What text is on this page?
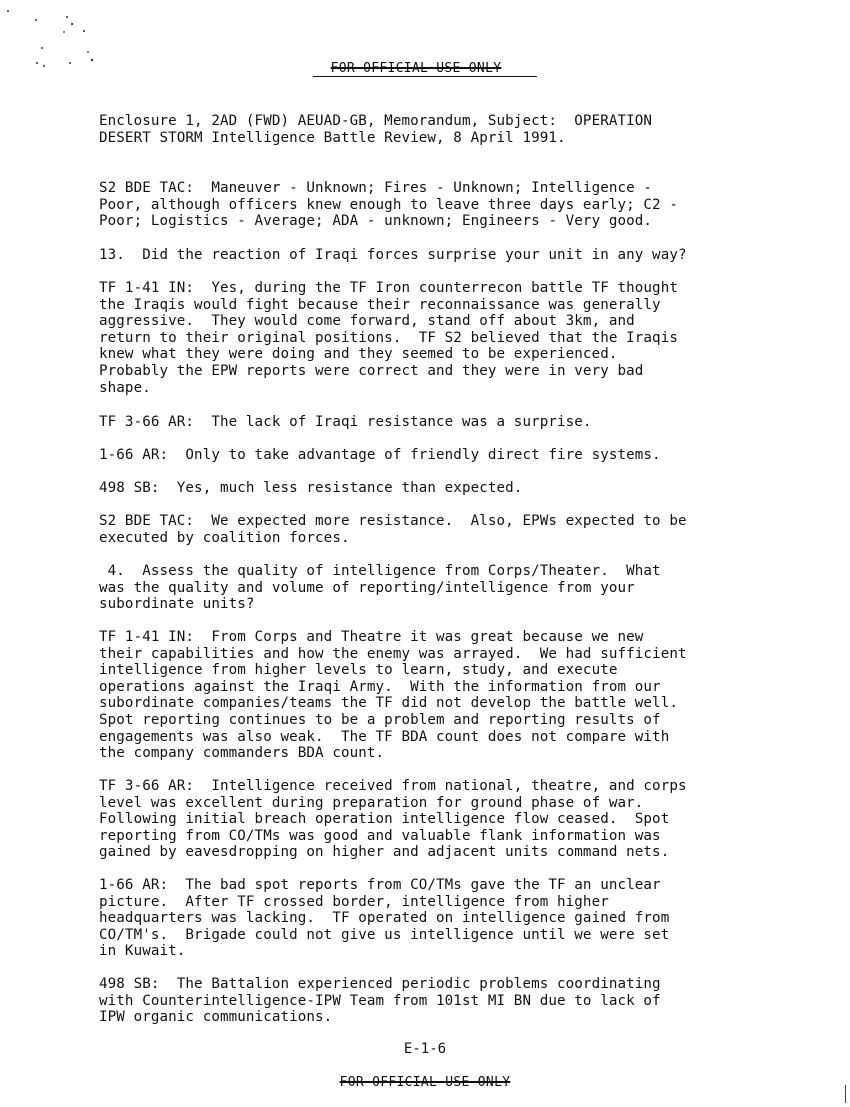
FOR OFFICIAL USE ONLY
Enclosure 1, 2AD (FWD) AEUAD-GB, Memorandum, Subject:  OPERATION
DESERT STORM Intelligence Battle Review, 8 April 1991.
S2 BDE TAC:  Maneuver - Unknown; Fires - Unknown; Intelligence -
Poor, although officers knew enough to leave three days early; C2 -
Poor; Logistics - Average; ADA - unknown; Engineers - Very good.
13.  Did the reaction of Iraqi forces surprise your unit in any way?
TF 1-41 IN:  Yes, during the TF Iron counterrecon battle TF thought
the Iraqis would fight because their reconnaissance was generally
aggressive.  They would come forward, stand off about 3km, and
return to their original positions.  TF S2 believed that the Iraqis
knew what they were doing and they seemed to be experienced.
Probably the EPW reports were correct and they were in very bad
shape.
TF 3-66 AR:  The lack of Iraqi resistance was a surprise.
1-66 AR:  Only to take advantage of friendly direct fire systems.
498 SB:  Yes, much less resistance than expected.
S2 BDE TAC:  We expected more resistance.  Also, EPWs expected to be
executed by coalition forces.
4.  Assess the quality of intelligence from Corps/Theater.  What
was the quality and volume of reporting/intelligence from your
subordinate units?
TF 1-41 IN:  From Corps and Theatre it was great because we new
their capabilities and how the enemy was arrayed.  We had sufficient
intelligence from higher levels to learn, study, and execute
operations against the Iraqi Army.  With the information from our
subordinate companies/teams the TF did not develop the battle well.
Spot reporting continues to be a problem and reporting results of
engagements was also weak.  The TF BDA count does not compare with
the company commanders BDA count.
TF 3-66 AR:  Intelligence received from national, theatre, and corps
level was excellent during preparation for ground phase of war.
Following initial breach operation intelligence flow ceased.  Spot
reporting from CO/TMs was good and valuable flank information was
gained by eavesdropping on higher and adjacent units command nets.
1-66 AR:  The bad spot reports from CO/TMs gave the TF an unclear
picture.  After TF crossed border, intelligence from higher
headquarters was lacking.  TF operated on intelligence gained from
CO/TM's.  Brigade could not give us intelligence until we were set
in Kuwait.
498 SB:  The Battalion experienced periodic problems coordinating
with Counterintelligence-IPW Team from 101st MI BN due to lack of
IPW organic communications.
E-1-6
FOR OFFICIAL USE ONLY
